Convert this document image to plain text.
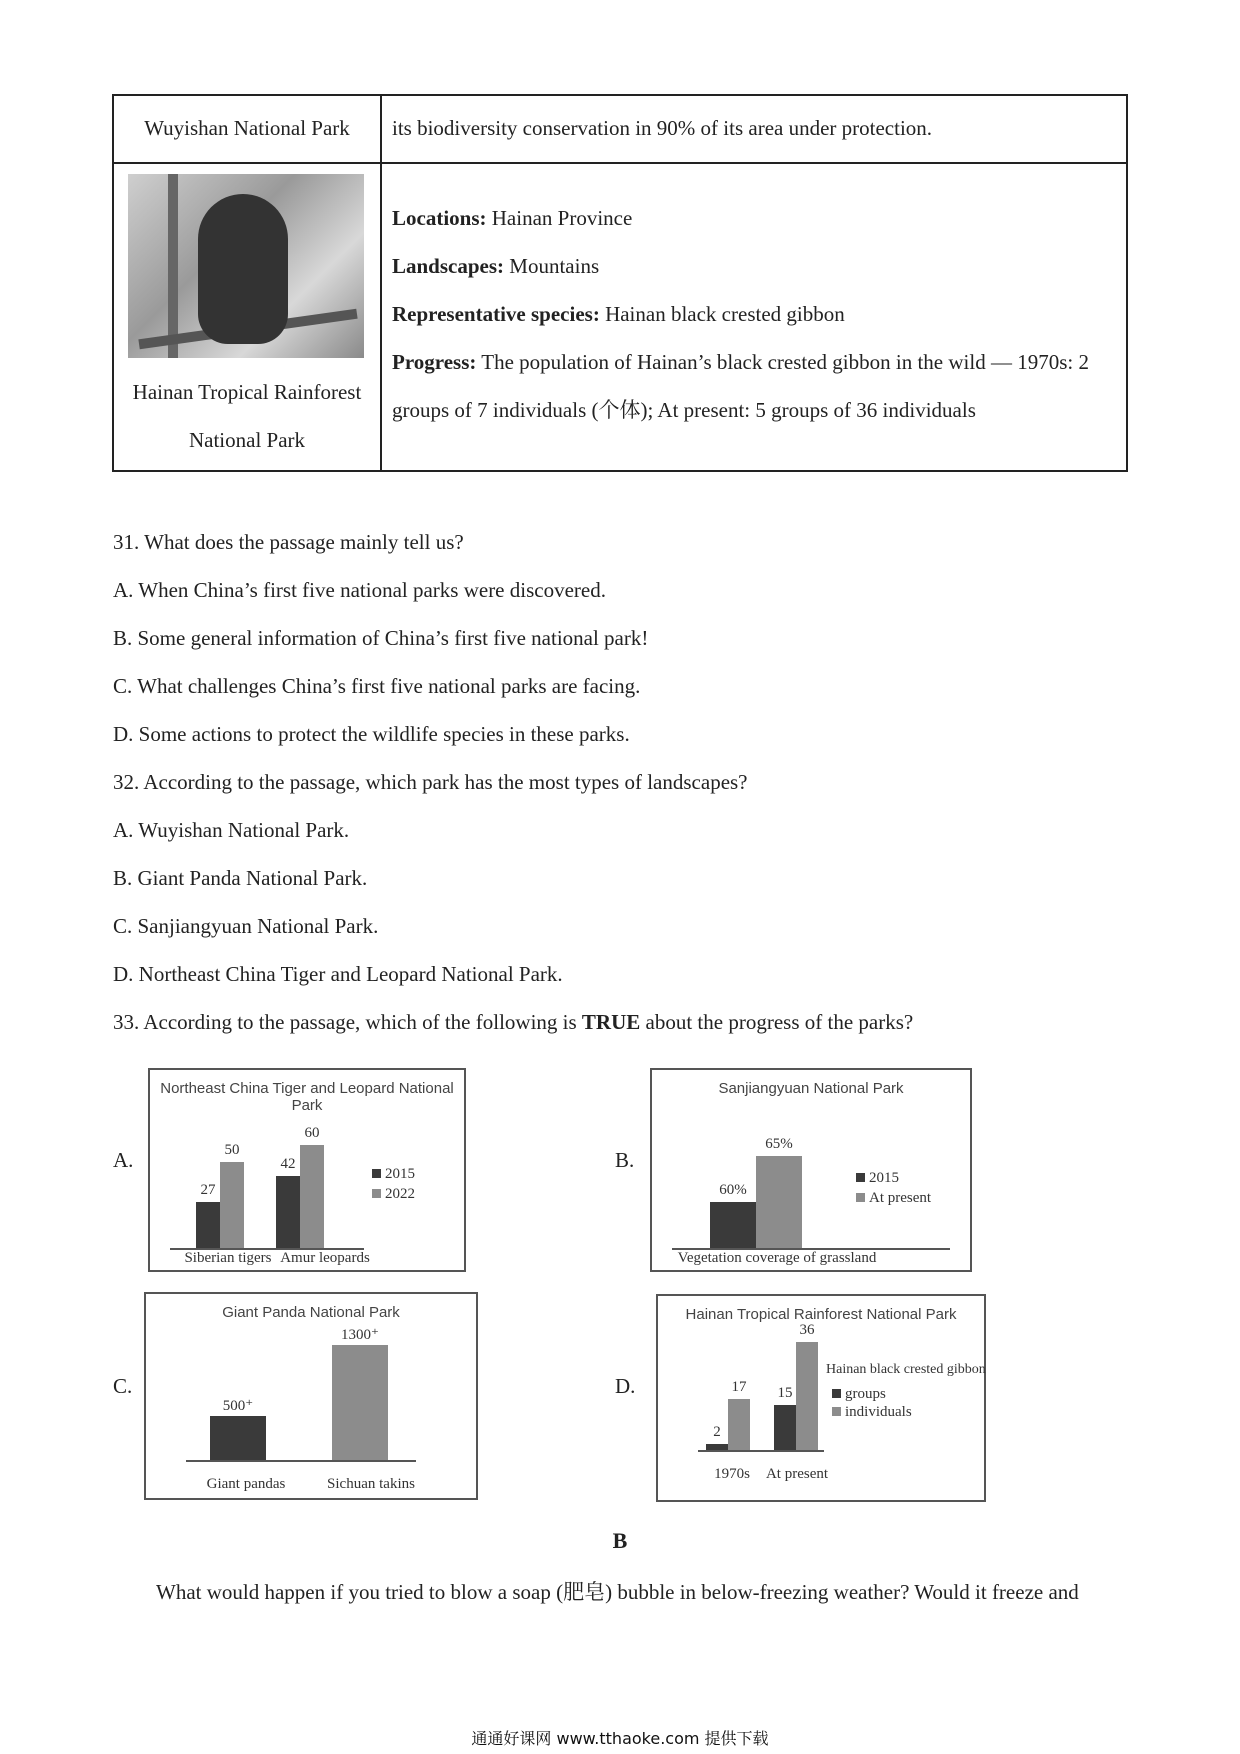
Wuyishan National Park	its biodiversity conservation in 90% of its area under protection.
Hainan Tropical Rainforest
National Park
Locations: Hainan Province
Landscapes: Mountains
Representative species: Hainan black crested gibbon
Progress: The population of Hainan’s black crested gibbon in the wild — 1970s: 2
groups of 7 individuals (个体); At present: 5 groups of 36 individuals
31. What does the passage mainly tell us?
A. When China’s first five national parks were discovered.
B. Some general information of China’s first five national park!
C. What challenges China’s first five national parks are facing.
D. Some actions to protect the wildlife species in these parks.
32. According to the passage, which park has the most types of landscapes?
A. Wuyishan National Park.
B. Giant Panda National Park.
C. Sanjiangyuan National Park.
D. Northeast China Tiger and Leopard National Park.
33. According to the passage, which of the following is TRUE about the progress of the parks?
A.	B.
C.	D.
Northeast China Tiger and Leopard National Park
27
50
42
60
Siberian tigers Amur leopards
2015
2022
Sanjiangyuan National Park
60%
65%
Vegetation coverage of grassland
2015
At present
Giant Panda National Park
500⁺
1300⁺
Giant pandas	Sichuan takins
Hainan Tropical Rainforest National Park
2
17	15
36
1970s	At present
Hainan black crested gibbon
groups
individuals
B
What would happen if you tried to blow a soap (肥皂) bubble in below-freezing weather? Would it freeze and
通通好课网 www.tthaoke.com 提供下载
